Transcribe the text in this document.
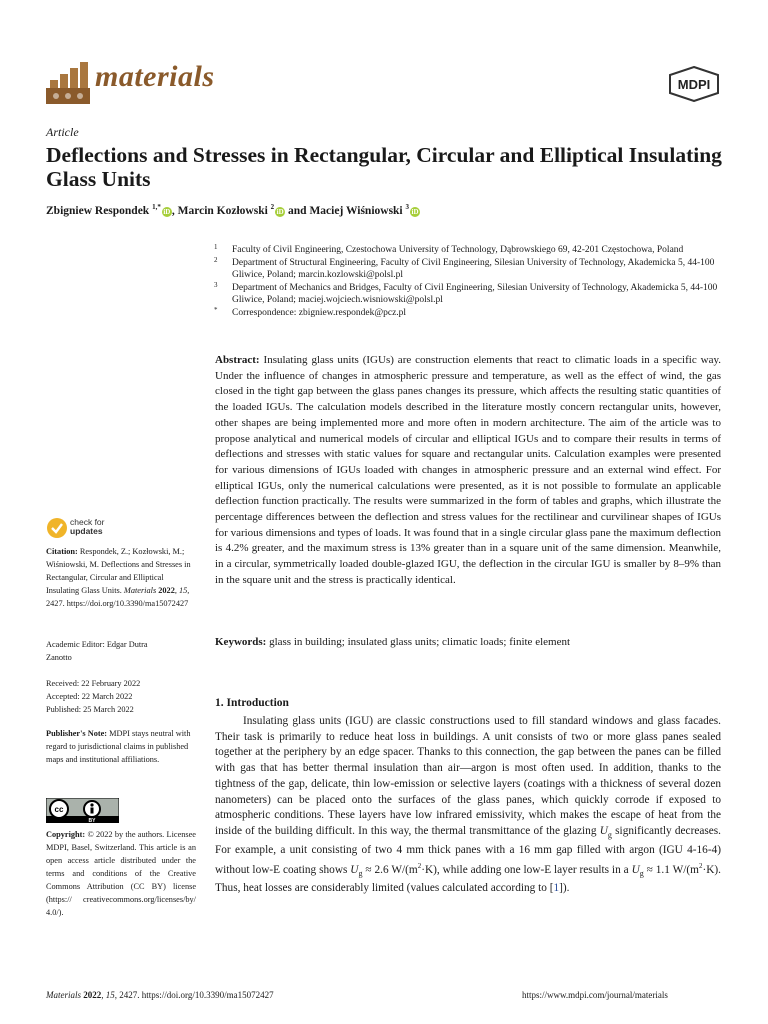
materials	MDPI
Article
Deflections and Stresses in Rectangular, Circular and Elliptical Insulating Glass Units
Zbigniew Respondek $^{1,*}$iD , Marcin Kozłowski $^2$iD and Maciej Wiśniowski $^3$iD
1 Faculty of Civil Engineering, Czestochowa University of Technology, Dąbrowskiego 69, 42-201 Częstochowa, Poland
2 Department of Structural Engineering, Faculty of Civil Engineering, Silesian University of Technology, Akademicka 5, 44-100 Gliwice, Poland; marcin.kozlowski@polsl.pl
3 Department of Mechanics and Bridges, Faculty of Civil Engineering, Silesian University of Technology, Akademicka 5, 44-100 Gliwice, Poland; maciej.wojciech.wisniowski@polsl.pl
* Correspondence: zbigniew.respondek@pcz.pl
Abstract: Insulating glass units (IGUs) are construction elements that react to climatic loads in a specific way. Under the influence of changes in atmospheric pressure and temperature, as well as the effect of wind, the gas closed in the tight gap between the glass panes changes its pressure, which affects the resulting static quantities of the loaded IGUs. The calculation models described in the literature mostly concern rectangular units, however, other shapes are being implemented more and more often in modern architecture. The aim of the article was to propose analytical and numerical models of circular and elliptical IGUs and to compare their results in terms of deflections and stresses with static values for square and rectangular units. Calculation examples were presented for various dimensions of IGUs loaded with changes in atmospheric pressure and an external wind effect. For elliptical IGUs, only the numerical calculations were presented, as it is not possible to formulate an applicable deflection function practically. The results were summarized in the form of tables and graphs, which illustrate the percentage differences between the deflection and stress values for the rectilinear and curvilinear shapes of IGUs for various dimensions and types of loads. It was found that in a single circular glass pane the maximum deflection is 4.2% greater, and the maximum stress is 13% greater than in a square unit of the same dimension. Meanwhile, in a circular, symmetrically loaded double-glazed IGU, the deflection in the circular IGU is smaller by 8–9% than in the square unit and the stress is practically identical.
Keywords: glass in building; insulated glass units; climatic loads; finite element
check for
updates
Citation: Respondek, Z.; Kozłowski, M.; Wiśniowski, M. Deflections and Stresses in Rectangular, Circular and Elliptical Insulating Glass Units. Materials 2022, 15, 2427. https://doi.org/10.3390/ma15072427
Academic Editor: Edgar Dutra Zanotto
Received: 22 February 2022
Accepted: 22 March 2022
Published: 25 March 2022
Publisher's Note: MDPI stays neutral with regard to jurisdictional claims in published maps and institutional affiliations.
cc
BY
Copyright: © 2022 by the authors. Licensee MDPI, Basel, Switzerland. This article is an open access article distributed under the terms and conditions of the Creative Commons Attribution (CC BY) license (https:// creativecommons.org/licenses/by/ 4.0/).
1. Introduction

Insulating glass units (IGU) are classic constructions used to fill standard windows and glass facades. Their task is primarily to reduce heat loss in buildings. A unit consists of two or more glass panes sealed together at the periphery by an edge spacer. Thanks to this connection, the gap between the panes can be filled with gas that has better thermal insulation than air—argon is most often used. In addition, thanks to the tightness of the gap, delicate, thin low-emission or selective layers (coatings with a thickness of several dozen nanometers) can be placed onto the surfaces of the glass panes, which quickly corrode if exposed to atmospheric conditions. These layers have low infrared emissivity, which makes the escape of heat from the inside of the building difficult. In this way, the thermal transmittance of the glazing $U_g$ significantly decreases. For example, a unit consisting of two 4 mm thick panes with a 16 mm gap filled with argon (IGU 4-16-4) without low-E coating shows $U_g \approx 2.6$ $W/(m^2\cdot K)$, while adding one low-E layer results in a $U_g \approx 1.1$ $W/(m^2\cdot K)$. Thus, heat losses are considerably limited (values calculated according to [1]).

Materials 2022, 15, 2427. https://doi.org/10.3390/ma15072427	https://www.mdpi.com/journal/materials
